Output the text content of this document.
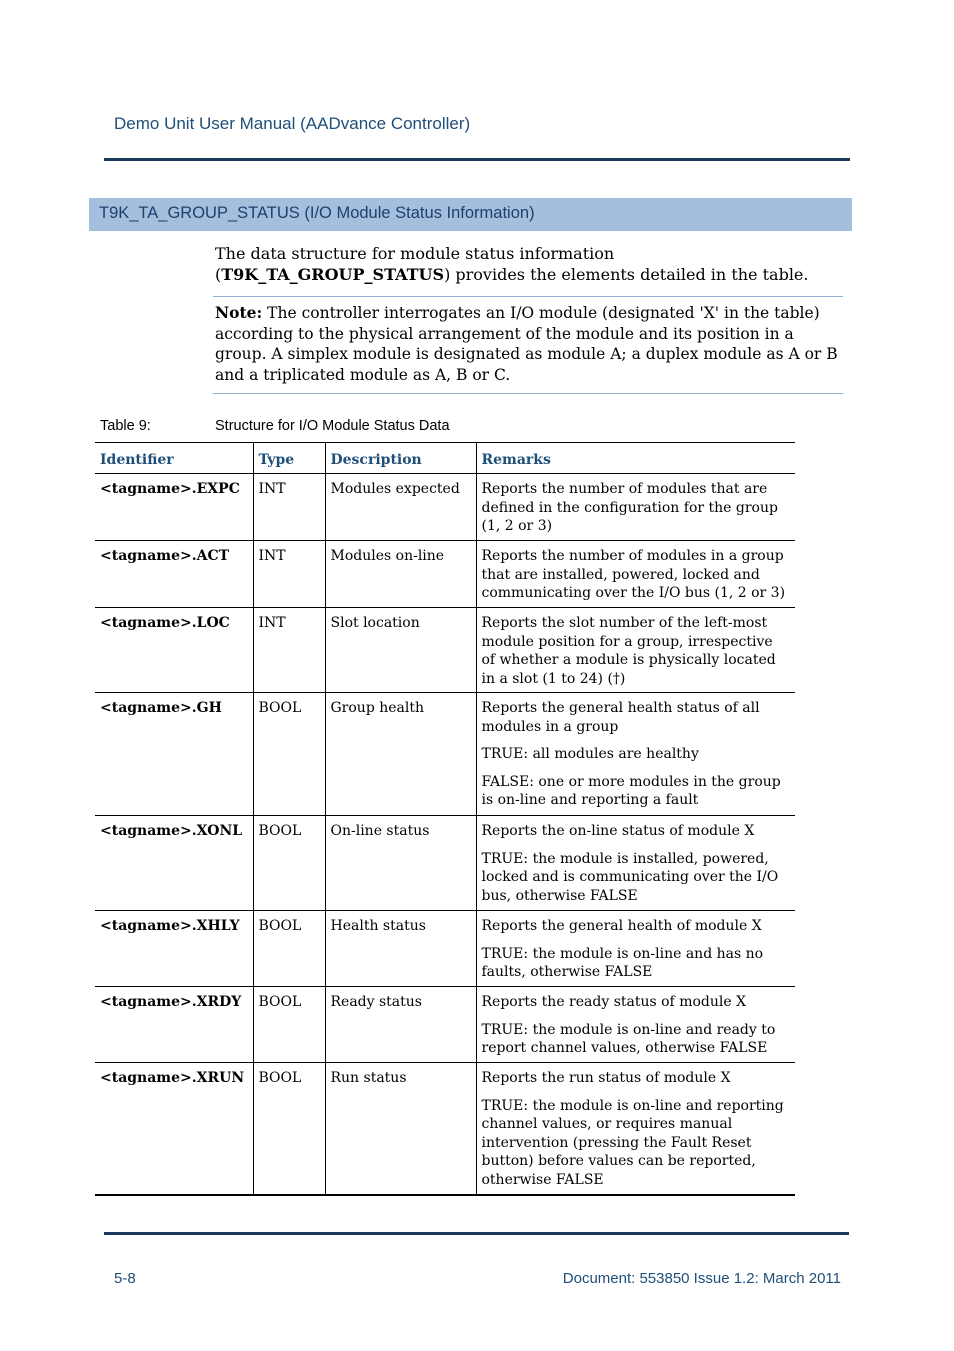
Demo Unit User Manual (AADvance Controller)
T9K_TA_GROUP_STATUS (I/O Module Status Information)
The data structure for module status information (T9K_TA_GROUP_STATUS) provides the elements detailed in the table.
Note: The controller interrogates an I/O module (designated 'X' in the table) according to the physical arrangement of the module and its position in a group. A simplex module is designated as module A; a duplex module as A or B and a triplicated module as A, B or C.
Table 9:	Structure for I/O Module Status Data
Identifier	Type	Description	Remarks
<tagname>.EXPC	INT	Modules expected	Reports the number of modules that are defined in the configuration for the group (1, 2 or 3)

<tagname>.ACT	INT	Modules on-line	Reports the number of modules in a group that are installed, powered, locked and communicating over the I/O bus (1, 2 or 3)

<tagname>.LOC	INT	Slot location	Reports the slot number of the left-most module position for a group, irrespective of whether a module is physically located in a slot (1 to 24) (†)

<tagname>.GH	BOOL	Group health	Reports the general health status of all modules in a group

TRUE: all modules are healthy

FALSE: one or more modules in the group is on-line and reporting a fault

<tagname>.XONL	BOOL	On-line status	Reports the on-line status of module X

TRUE: the module is installed, powered, locked and is communicating over the I/O bus, otherwise FALSE

<tagname>.XHLY	BOOL	Health status	Reports the general health of module X

TRUE: the module is on-line and has no faults, otherwise FALSE

<tagname>.XRDY	BOOL	Ready status	Reports the ready status of module X

TRUE: the module is on-line and ready to report channel values, otherwise FALSE

<tagname>.XRUN	BOOL	Run status	Reports the run status of module X

TRUE: the module is on-line and reporting channel values, or requires manual intervention (pressing the Fault Reset button) before values can be reported, otherwise FALSE

5-8	Document: 553850 Issue 1.2: March 2011
